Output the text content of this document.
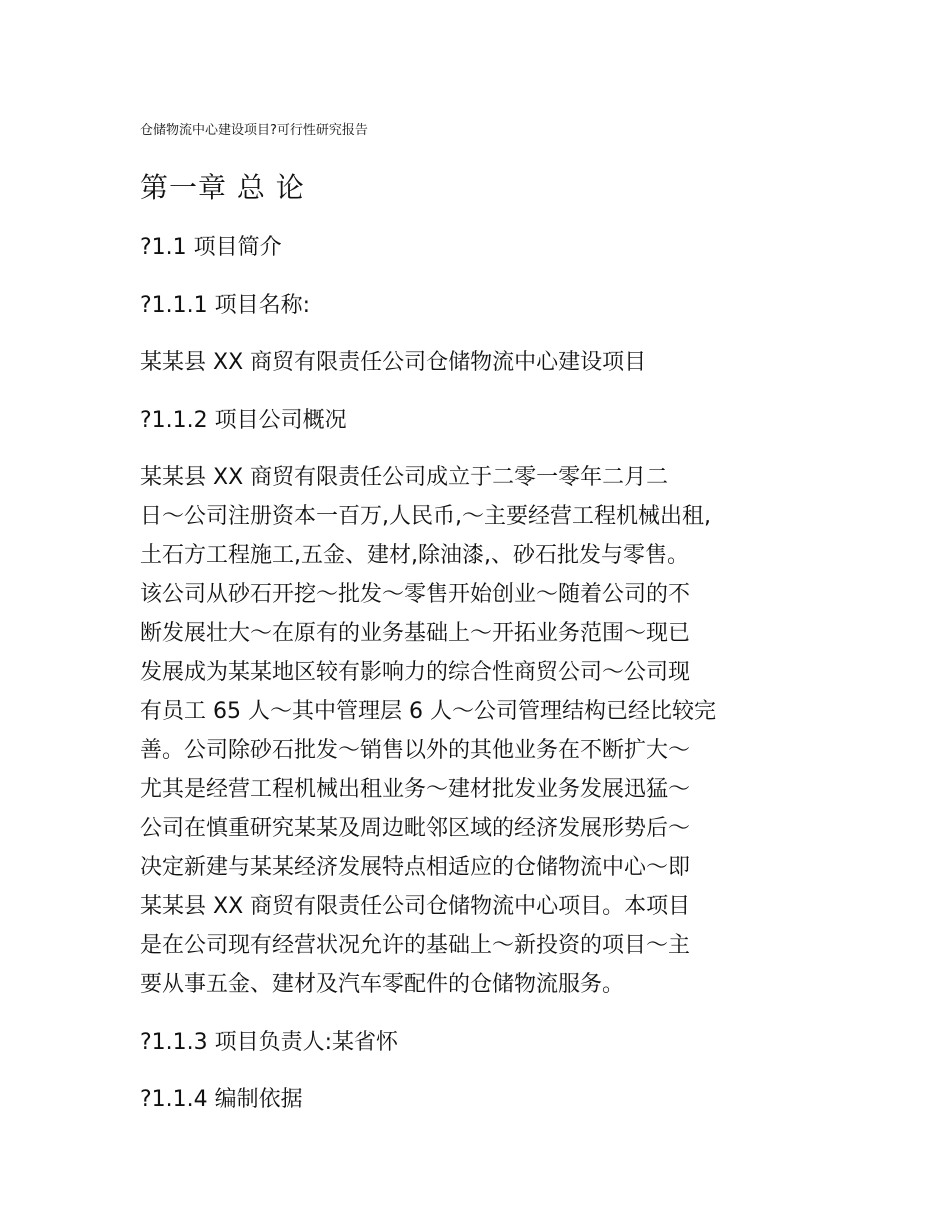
仓储物流中心建设项目?可行性研究报告
第一章 总 论
?1.1 项目简介
?1.1.1 项目名称:
某某县 XX 商贸有限责任公司仓储物流中心建设项目
?1.1.2 项目公司概况
某某县 XX 商贸有限责任公司成立于二零一零年二月二
日～公司注册资本一百万,人民币,～主要经营工程机械出租,
土石方工程施工,五金、建材,除油漆,、砂石批发与零售。
该公司从砂石开挖～批发～零售开始创业～随着公司的不
断发展壮大～在原有的业务基础上～开拓业务范围～现已
发展成为某某地区较有影响力的综合性商贸公司～公司现
有员工 65 人～其中管理层 6 人～公司管理结构已经比较完
善。公司除砂石批发～销售以外的其他业务在不断扩大～
尤其是经营工程机械出租业务～建材批发业务发展迅猛～
公司在慎重研究某某及周边毗邻区域的经济发展形势后～
决定新建与某某经济发展特点相适应的仓储物流中心～即
某某县 XX 商贸有限责任公司仓储物流中心项目。本项目
是在公司现有经营状况允许的基础上～新投资的项目～主
要从事五金、建材及汽车零配件的仓储物流服务。
?1.1.3 项目负责人:某省怀
?1.1.4 编制依据
